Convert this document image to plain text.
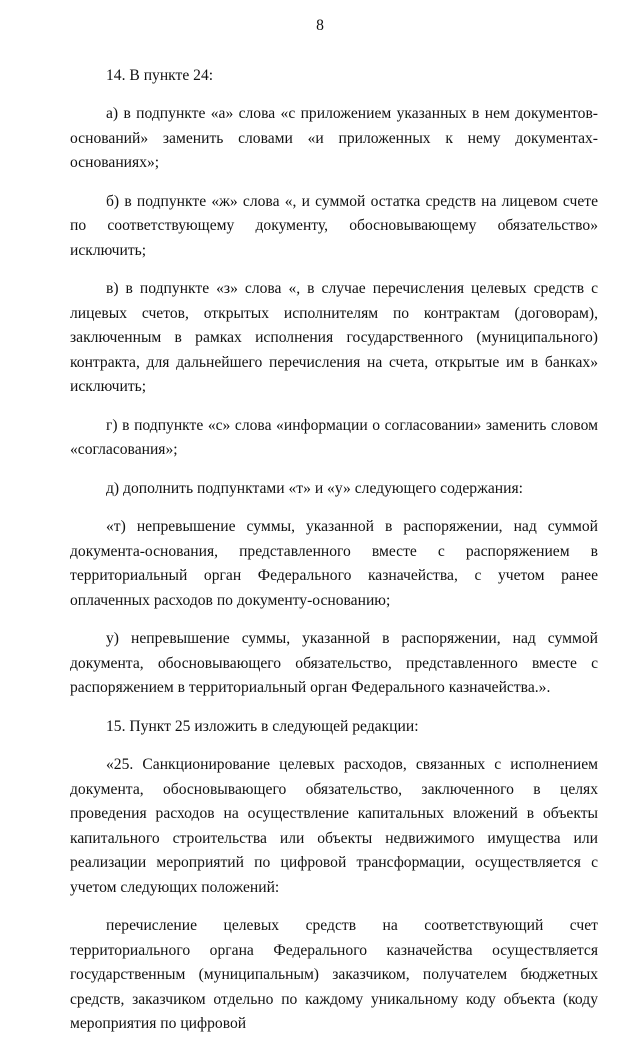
8

14. В пункте 24:

а) в подпункте «а» слова «с приложением указанных в нем документов-оснований» заменить словами «и приложенных к нему документах-основаниях»;

б) в подпункте «ж» слова «, и суммой остатка средств на лицевом счете по соответствующему документу, обосновывающему обязательство» исключить;

в) в подпункте «з» слова «, в случае перечисления целевых средств с лицевых счетов, открытых исполнителям по контрактам (договорам), заключенным в рамках исполнения государственного (муниципального) контракта, для дальнейшего перечисления на счета, открытые им в банках» исключить;

г) в подпункте «с» слова «информации о согласовании» заменить словом «согласования»;

д) дополнить подпунктами «т» и «у» следующего содержания:

«т) непревышение суммы, указанной в распоряжении, над суммой документа-основания, представленного вместе с распоряжением в территориальный орган Федерального казначейства, с учетом ранее оплаченных расходов по документу-основанию;

у) непревышение суммы, указанной в распоряжении, над суммой документа, обосновывающего обязательство, представленного вместе с распоряжением в территориальный орган Федерального казначейства.».

15. Пункт 25 изложить в следующей редакции:

«25. Санкционирование целевых расходов, связанных с исполнением документа, обосновывающего обязательство, заключенного в целях проведения расходов на осуществление капитальных вложений в объекты капитального строительства или объекты недвижимого имущества или реализации мероприятий по цифровой трансформации, осуществляется с учетом следующих положений:

перечисление целевых средств на соответствующий счет территориального органа Федерального казначейства осуществляется государственным (муниципальным) заказчиком, получателем бюджетных средств, заказчиком отдельно по каждому уникальному коду объекта (коду мероприятия по цифровой
